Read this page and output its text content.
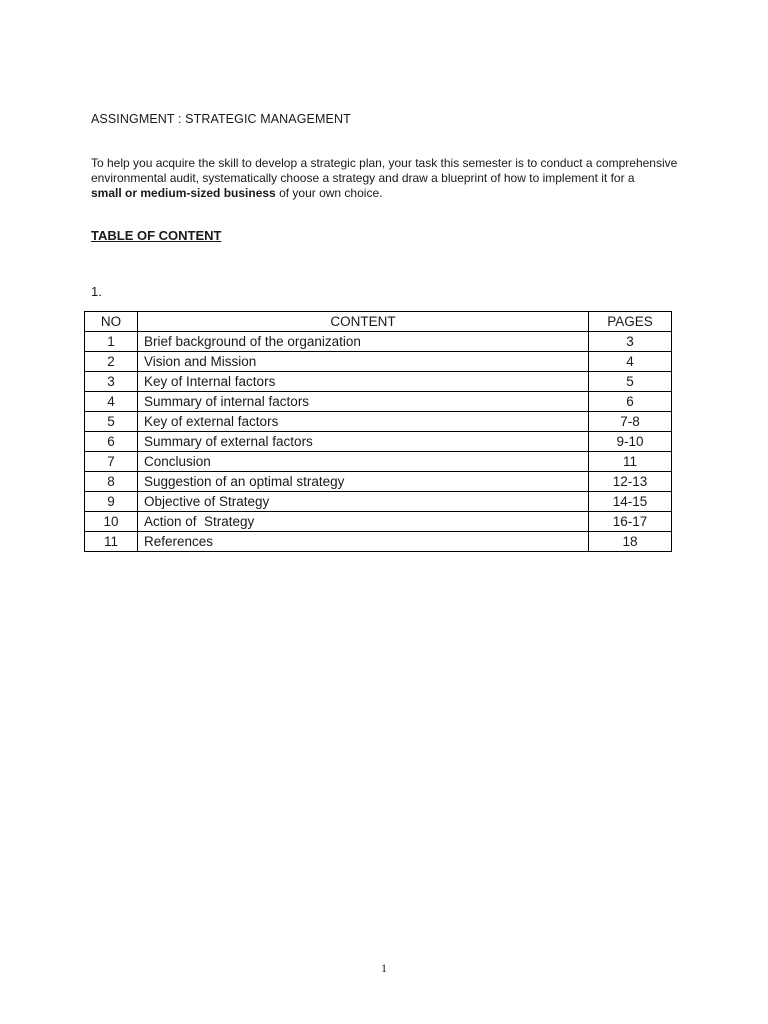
ASSINGMENT : STRATEGIC MANAGEMENT
To help you acquire the skill to develop a strategic plan, your task this semester is to conduct a comprehensive
environmental audit, systematically choose a strategy and draw a blueprint of how to implement it for a
small or medium-sized business of your own choice.
TABLE OF CONTENT
1.
NO	CONTENT	PAGES
1	Brief background of the organization	3
2	Vision and Mission	4
3	Key of Internal factors	5
4	Summary of internal factors	6
5	Key of external factors	7-8
6	Summary of external factors	9-10
7	Conclusion	11
8	Suggestion of an optimal strategy	12-13
9	Objective of Strategy	14-15
10	Action of  Strategy	16-17
11	References	18
1
